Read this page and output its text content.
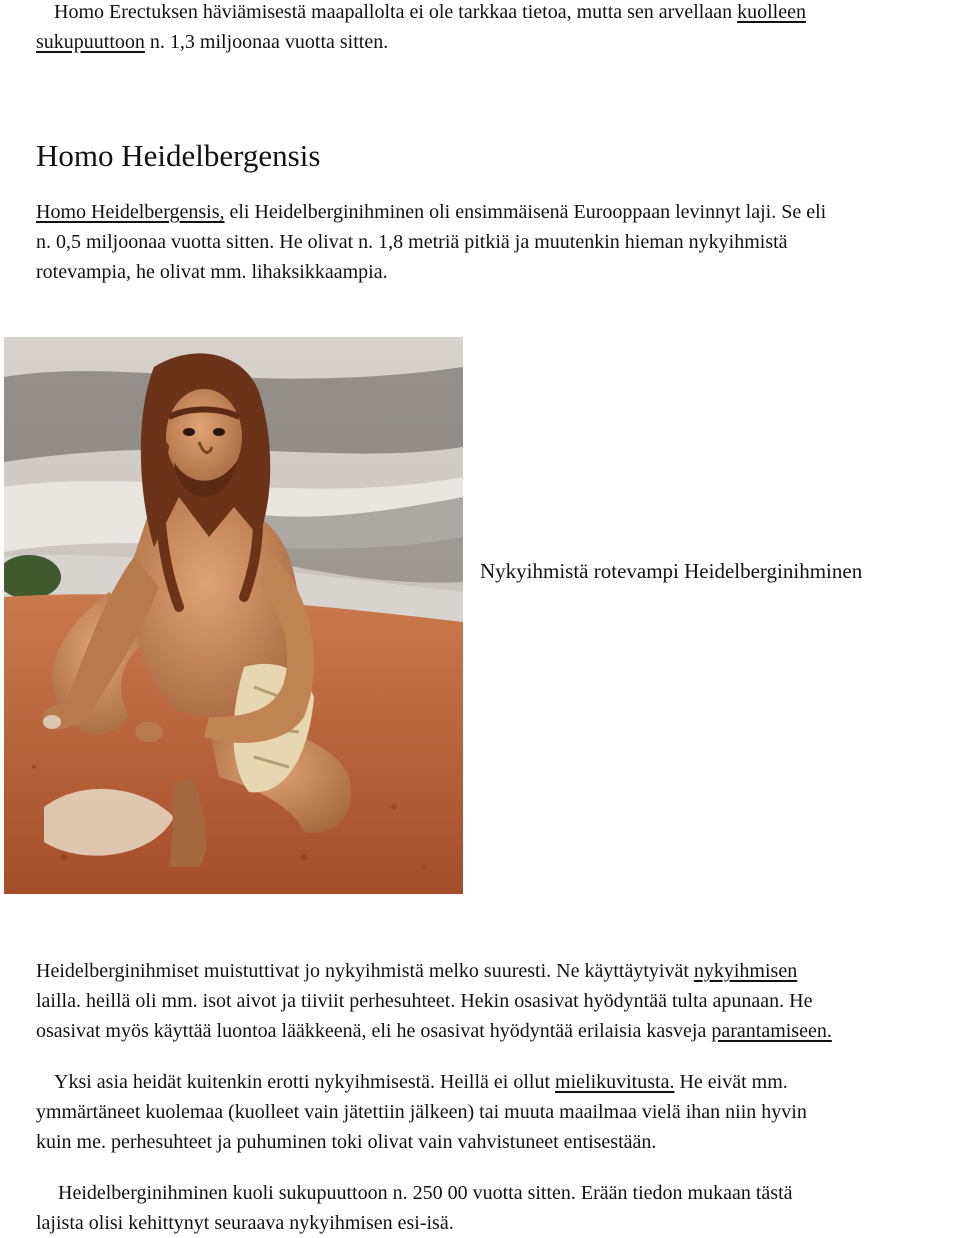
Homo Erectuksen häviämisestä maapallolta ei ole tarkkaa tietoa, mutta sen arvellaan kuolleen
sukupuuttoon n. 1,3 miljoonaa vuotta sitten.
Homo Heidelbergensis
Homo Heidelbergensis, eli Heidelberginihminen oli ensimmäisenä Eurooppaan levinnyt laji. Se eli
n. 0,5 miljoonaa vuotta sitten. He olivat n. 1,8 metriä pitkiä ja muutenkin hieman nykyihmistä
rotevampia, he olivat mm. lihaksikkaampia.
Nykyihmistä rotevampi Heidelberginihminen
Heidelberginihmiset muistuttivat jo nykyihmistä melko suuresti. Ne käyttäytyivät nykyihmisen
lailla. heillä oli mm. isot aivot ja tiiviit perhesuhteet. Hekin osasivat hyödyntää tulta apunaan. He
osasivat myös käyttää luontoa lääkkeenä, eli he osasivat hyödyntää erilaisia kasveja parantamiseen.
Yksi asia heidät kuitenkin erotti nykyihmisestä. Heillä ei ollut mielikuvitusta. He eivät mm.
ymmärtäneet kuolemaa (kuolleet vain jätettiin jälkeen) tai muuta maailmaa vielä ihan niin hyvin
kuin me. perhesuhteet ja puhuminen toki olivat vain vahvistuneet entisestään.
Heidelberginihminen kuoli sukupuuttoon n. 250 00 vuotta sitten. Erään tiedon mukaan tästä
lajista olisi kehittynyt seuraava nykyihmisen esi-isä.
